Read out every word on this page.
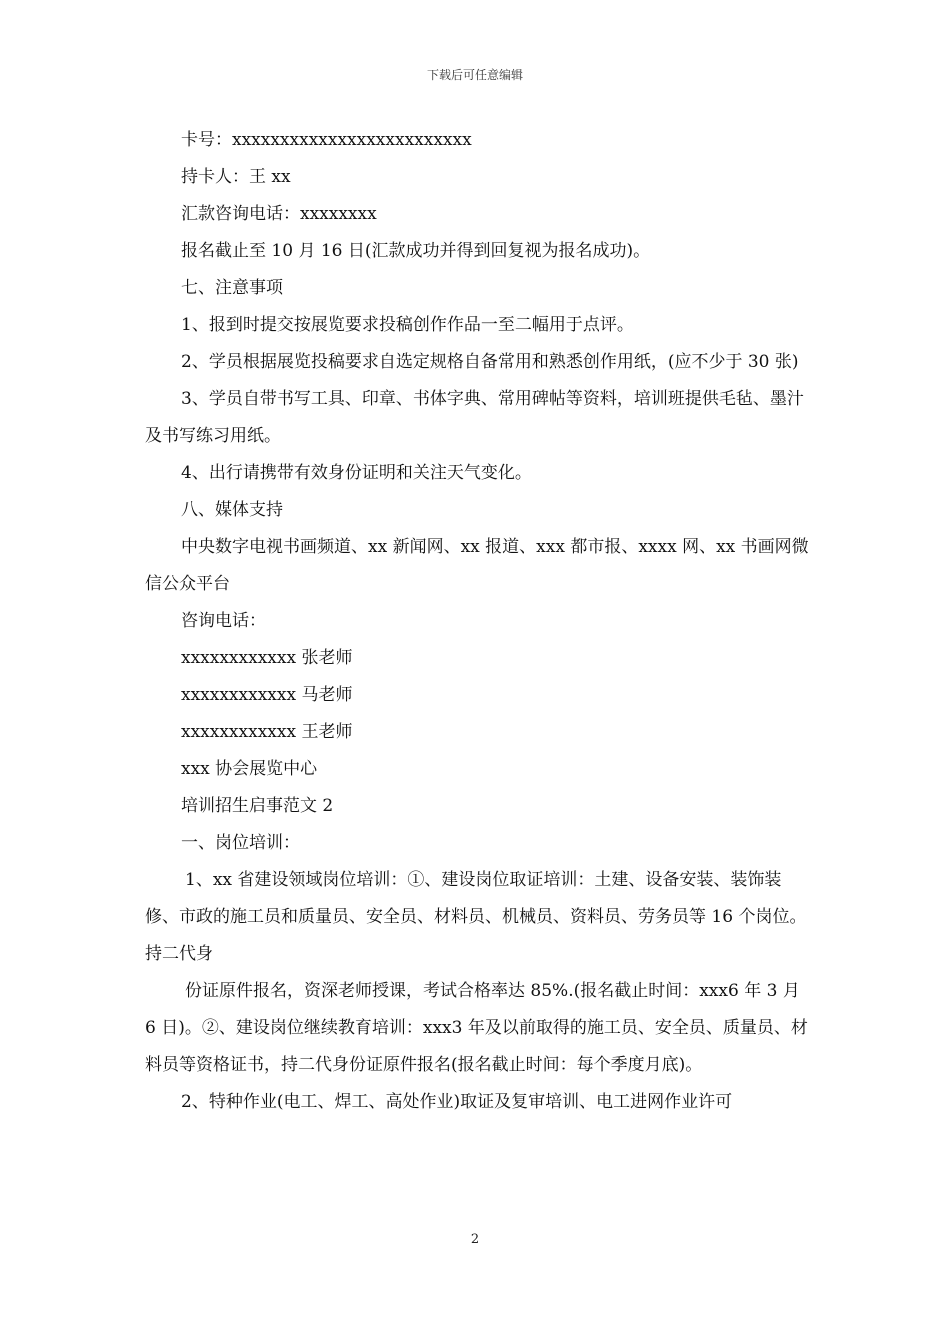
下载后可任意编辑

卡号：xxxxxxxxxxxxxxxxxxxxxxxxx

持卡人：王 xx

汇款咨询电话：xxxxxxxx

报名截止至 10 月 16 日(汇款成功并得到回复视为报名成功)。

七、注意事项

1、报到时提交按展览要求投稿创作作品一至二幅用于点评。

2、学员根据展览投稿要求自选定规格自备常用和熟悉创作用纸，(应不少于 30 张)

3、学员自带书写工具、印章、书体字典、常用碑帖等资料，培训班提供毛毡、墨汁及书写练习用纸。

4、出行请携带有效身份证明和关注天气变化。

八、媒体支持

中央数字电视书画频道、xx 新闻网、xx 报道、xxx 都市报、xxxx 网、xx 书画网微信公众平台

咨询电话：

xxxxxxxxxxxx 张老师

xxxxxxxxxxxx 马老师

xxxxxxxxxxxx 王老师

xxx 协会展览中心

培训招生启事范文 2

一、岗位培训：

1、xx 省建设领域岗位培训：①、建设岗位取证培训：土建、设备安装、装饰装修、市政的施工员和质量员、安全员、材料员、机械员、资料员、劳务员等 16 个岗位。持二代身

份证原件报名，资深老师授课，考试合格率达 85%.(报名截止时间：xxx6 年 3 月 6 日)。②、建设岗位继续教育培训：xxx3 年及以前取得的施工员、安全员、质量员、材料员等资格证书，持二代身份证原件报名(报名截止时间：每个季度月底)。

2、特种作业(电工、焊工、高处作业)取证及复审培训、电工进网作业许可

2
